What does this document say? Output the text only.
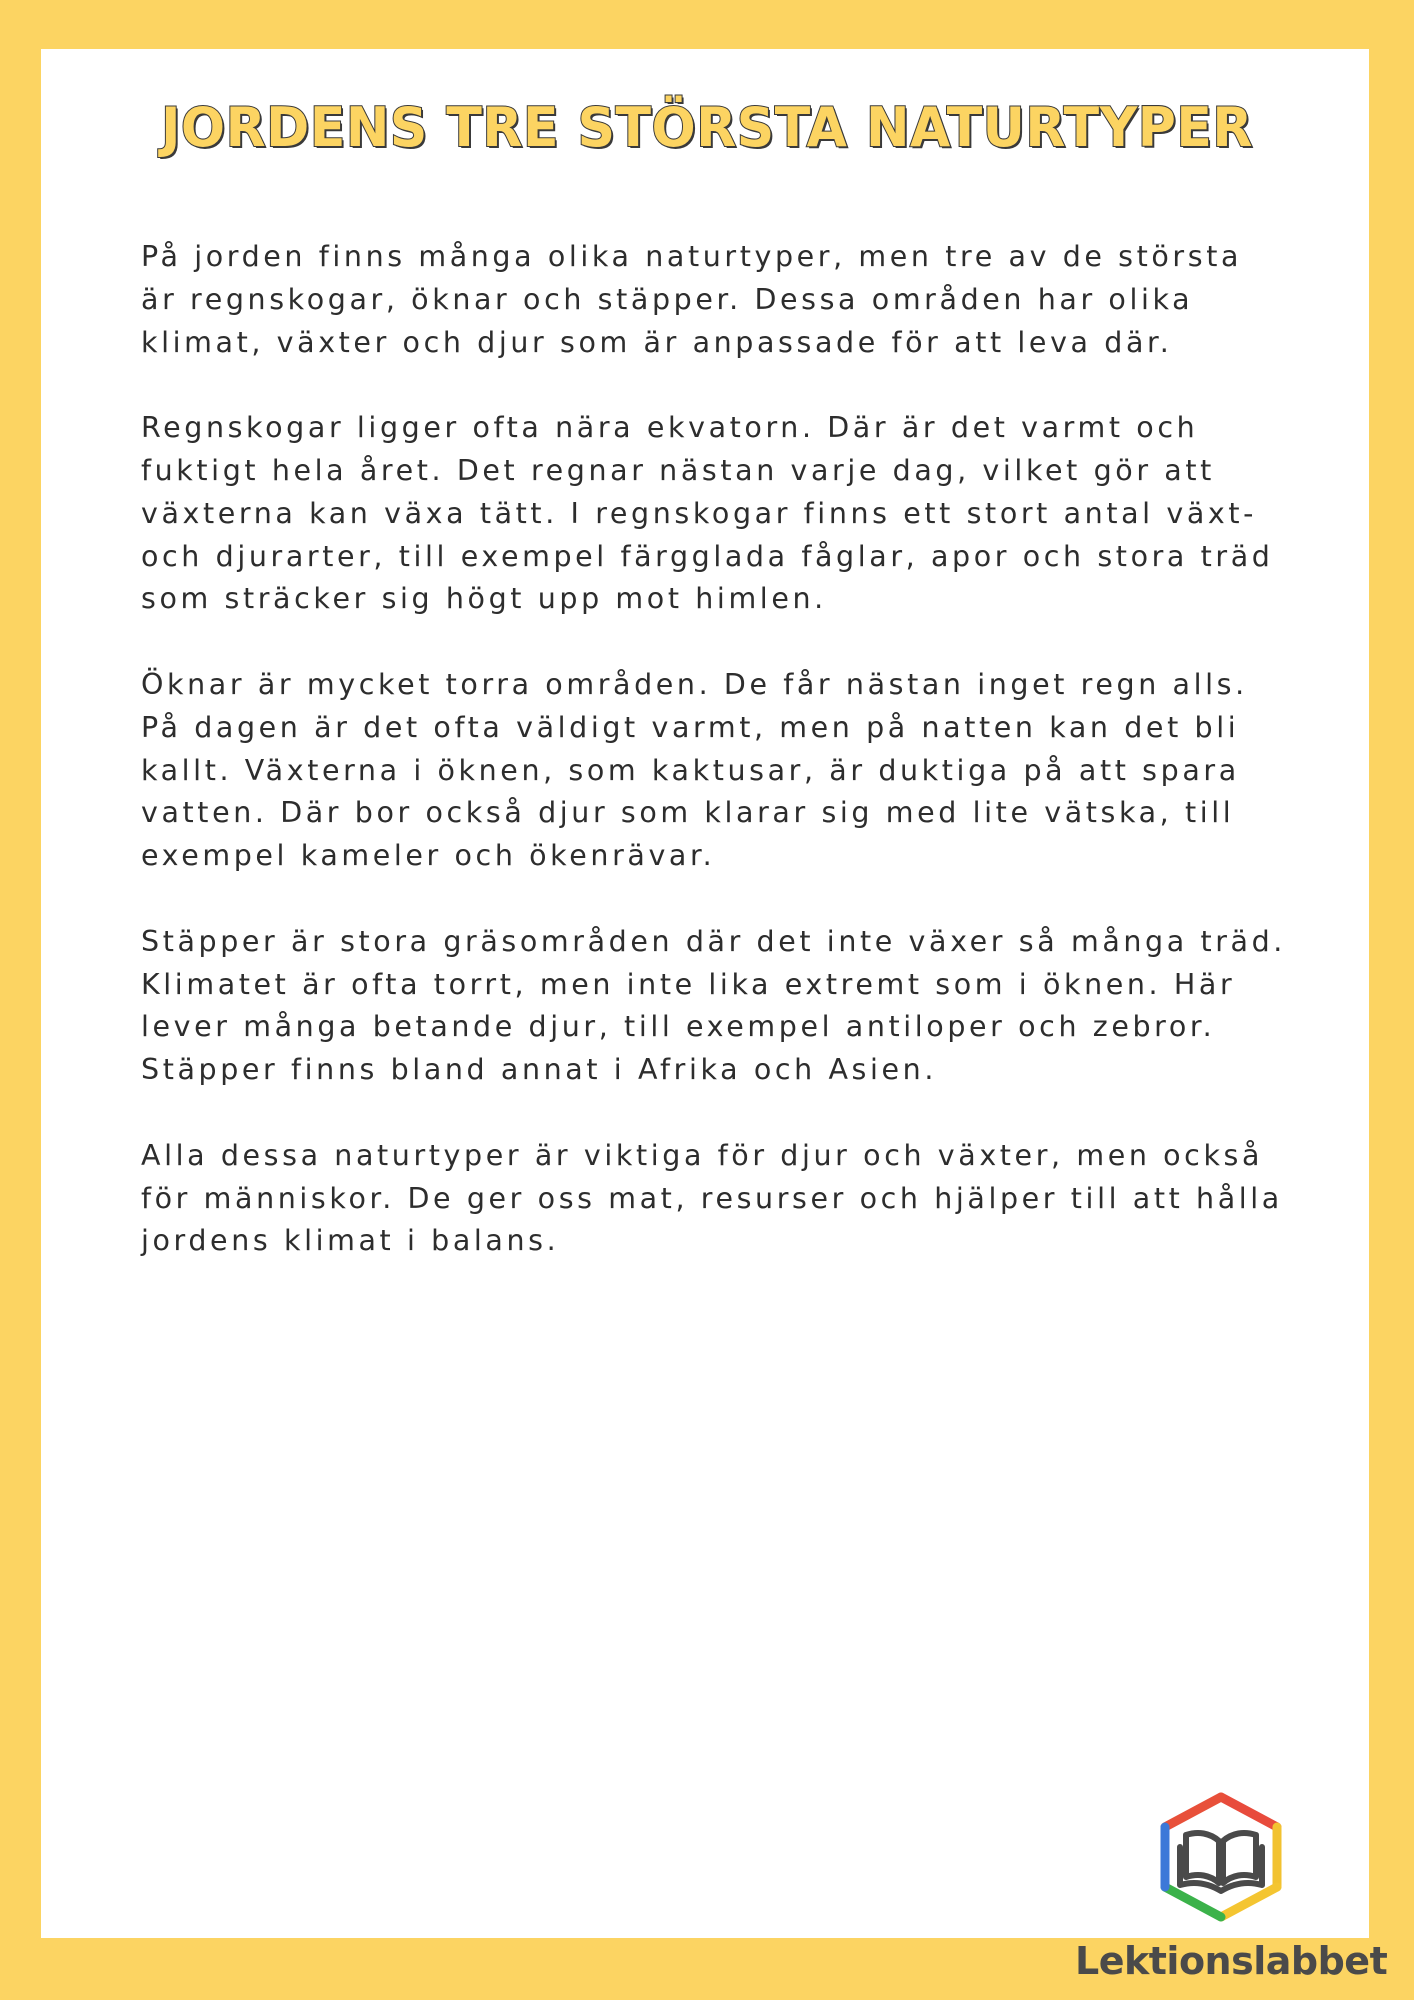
JORDENS TRE STÖRSTA NATURTYPER

På jorden finns många olika naturtyper, men tre av de största är regnskogar, öknar och stäpper. Dessa områden har olika klimat, växter och djur som är anpassade för att leva där.

Regnskogar ligger ofta nära ekvatorn. Där är det varmt och fuktigt hela året. Det regnar nästan varje dag, vilket gör att växterna kan växa tätt. I regnskogar finns ett stort antal växt- och djurarter, till exempel färgglada fåglar, apor och stora träd som sträcker sig högt upp mot himlen.

Öknar är mycket torra områden. De får nästan inget regn alls. På dagen är det ofta väldigt varmt, men på natten kan det bli kallt. Växterna i öknen, som kaktusar, är duktiga på att spara vatten. Där bor också djur som klarar sig med lite vätska, till exempel kameler och ökenrävar.

Stäpper är stora gräsområden där det inte växer så många träd. Klimatet är ofta torrt, men inte lika extremt som i öknen. Här lever många betande djur, till exempel antiloper och zebror. Stäpper finns bland annat i Afrika och Asien.

Alla dessa naturtyper är viktiga för djur och växter, men också för människor. De ger oss mat, resurser och hjälper till att hålla jordens klimat i balans.

Lektionslabbet
